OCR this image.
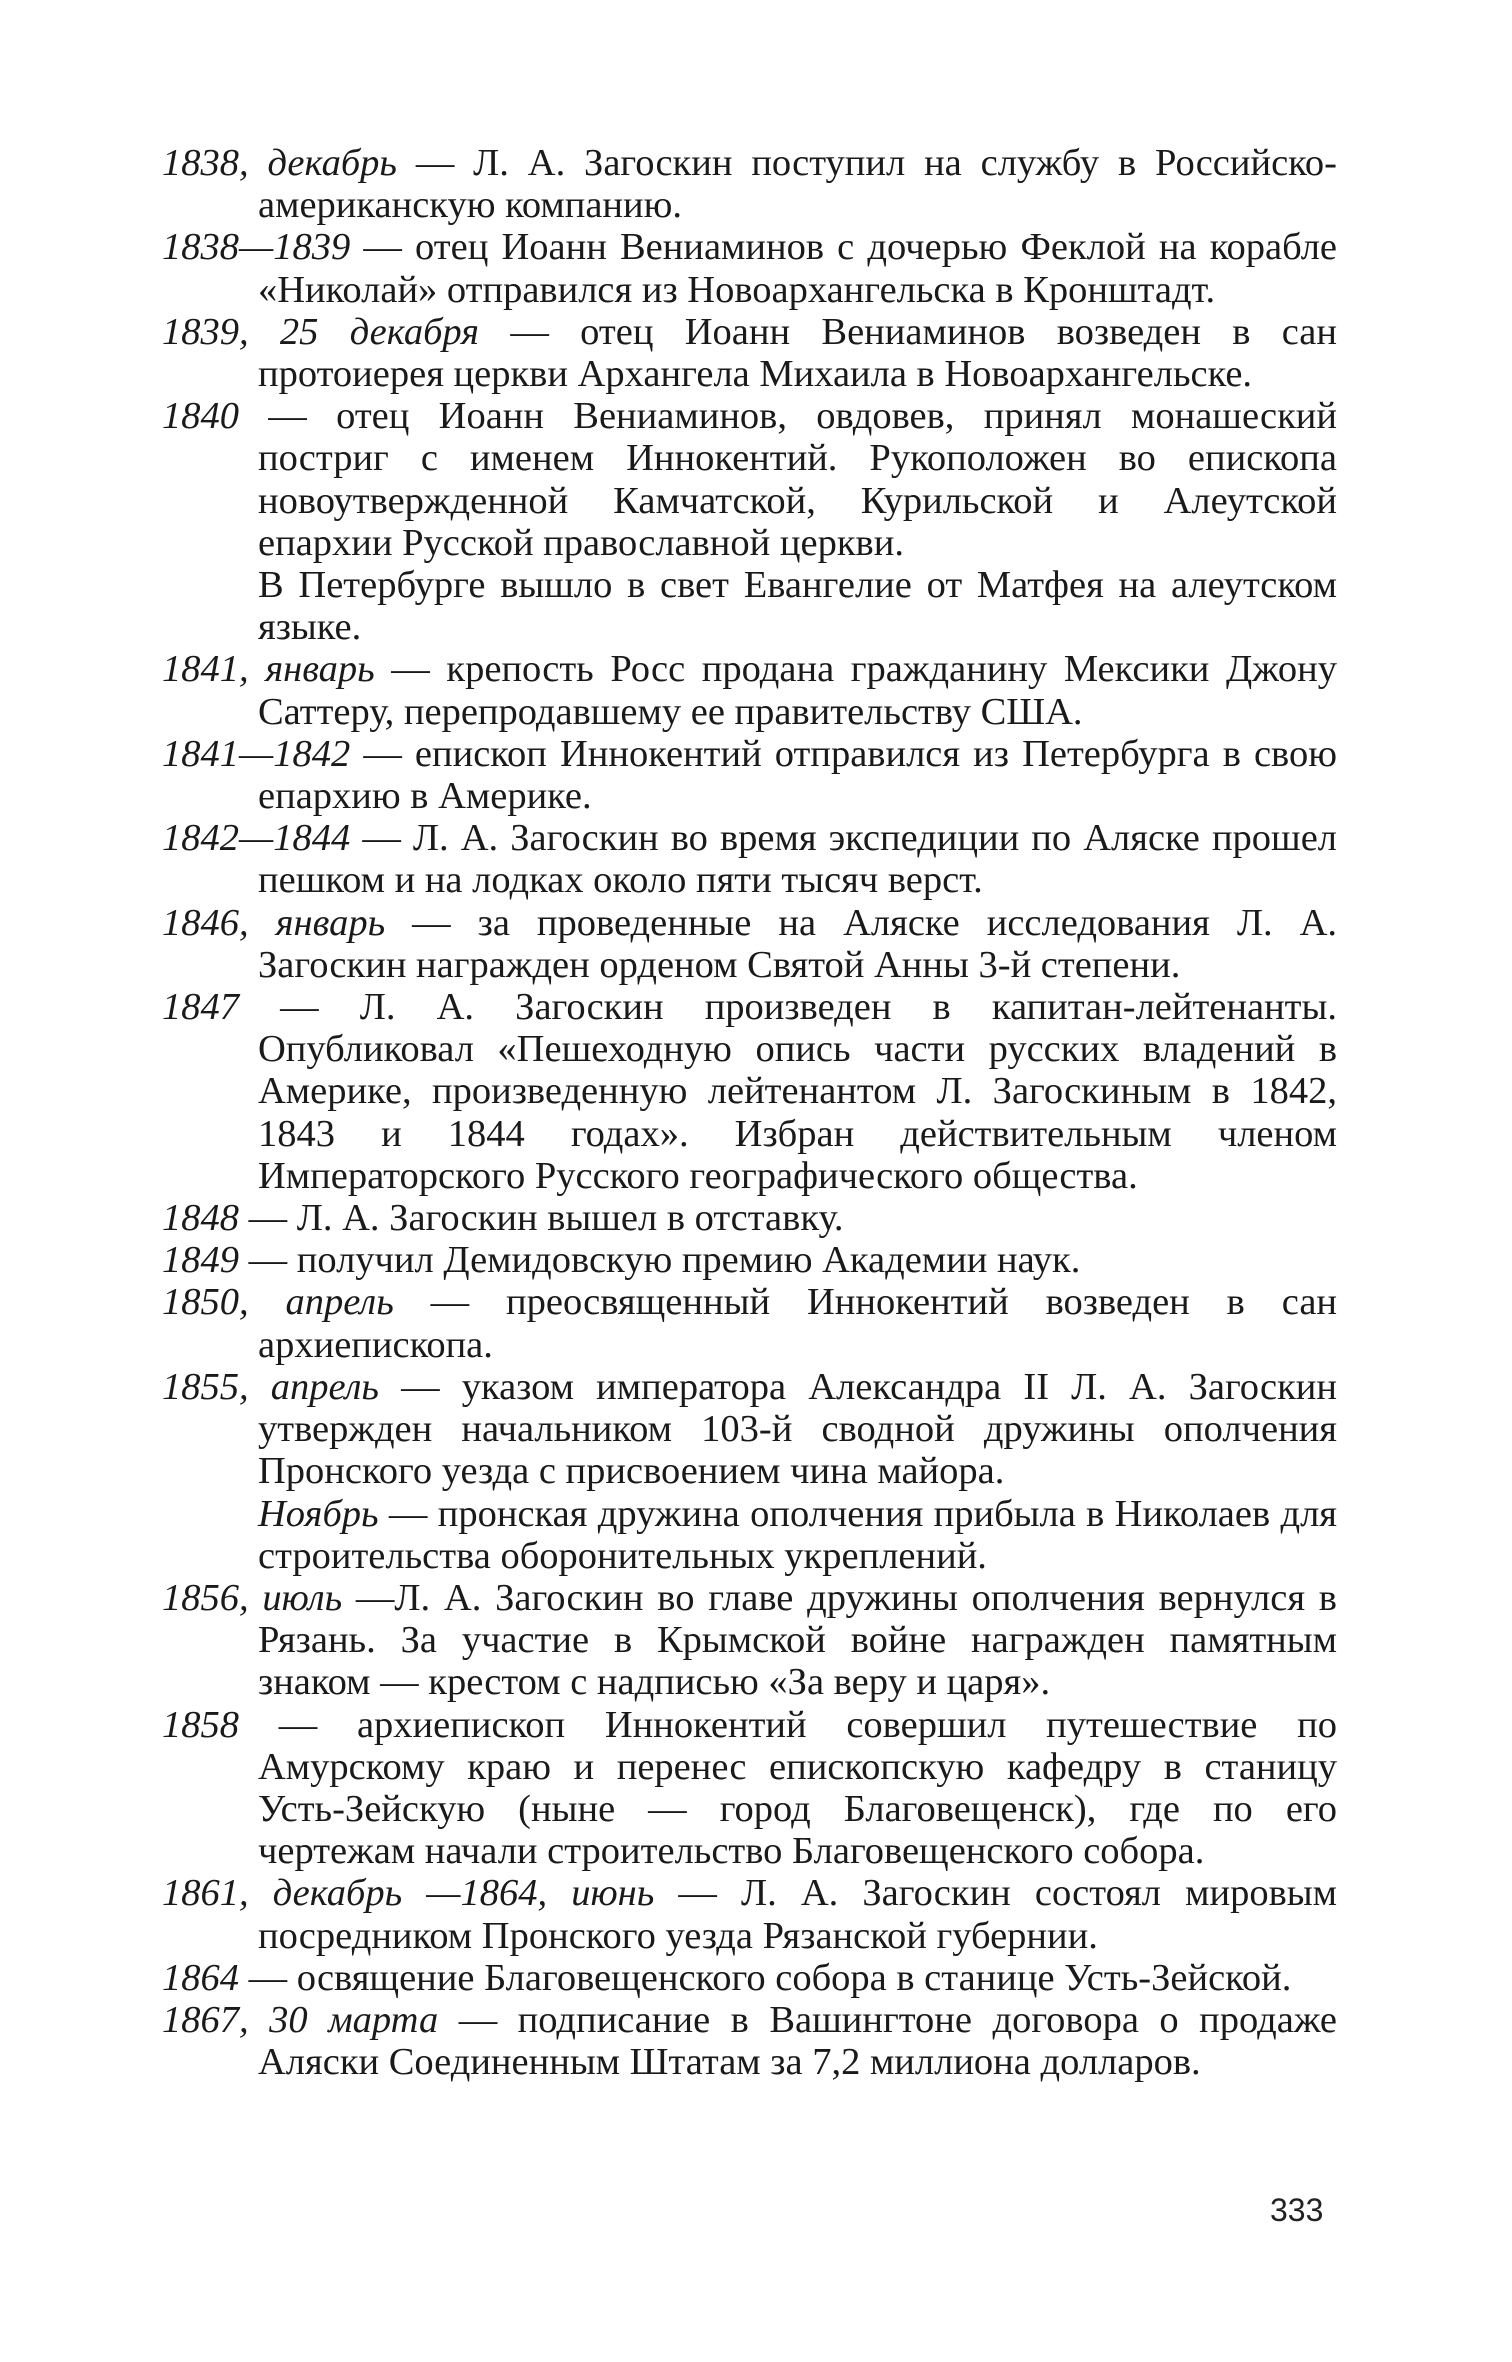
1838, декабрь — Л. А. Загоскин поступил на службу в Российско-американскую компанию.

1838—1839 — отец Иоанн Вениаминов с дочерью Феклой на корабле «Николай» отправился из Новоархангельска в Кронштадт.

1839, 25 декабря — отец Иоанн Вениаминов возведен в сан протоиерея церкви Архангела Михаила в Новоархангельске.

1840 — отец Иоанн Вениаминов, овдовев, принял монашеский постриг с именем Иннокентий. Рукоположен во епископа новоутвержденной Камчатской, Курильской и Алеутской епархии Русской православной церкви.

В Петербурге вышло в свет Евангелие от Матфея на алеутском языке.

1841, январь — крепость Росс продана гражданину Мексики Джону Саттеру, перепродавшему ее правительству США.

1841—1842 — епископ Иннокентий отправился из Петербурга в свою епархию в Америке.

1842—1844 — Л. А. Загоскин во время экспедиции по Аляске прошел пешком и на лодках около пяти тысяч верст.

1846, январь — за проведенные на Аляске исследования Л. А. Загоскин награжден орденом Святой Анны 3-й степени.

1847 — Л. А. Загоскин произведен в капитан-лейтенанты. Опубликовал «Пешеходную опись части русских владений в Америке, произведенную лейтенантом Л. Загоскиным в 1842, 1843 и 1844 годах». Избран действительным членом Императорского Русского географического общества.

1848 — Л. А. Загоскин вышел в отставку.

1849 — получил Демидовскую премию Академии наук.

1850, апрель — преосвященный Иннокентий возведен в сан архиепископа.

1855, апрель — указом императора Александра II Л. А. Загоскин утвержден начальником 103-й сводной дружины ополчения Пронского уезда с присвоением чина майора.

Ноябрь — пронская дружина ополчения прибыла в Николаев для строительства оборонительных укреплений.

1856, июль —Л. А. Загоскин во главе дружины ополчения вернулся в Рязань. За участие в Крымской войне награжден памятным знаком — крестом с надписью «За веру и царя».

1858 — архиепископ Иннокентий совершил путешествие по Амурскому краю и перенес епископскую кафедру в станицу Усть-Зейскую (ныне — город Благовещенск), где по его чертежам начали строительство Благовещенского собора.

1861, декабрь —1864, июнь — Л. А. Загоскин состоял мировым посредником Пронского уезда Рязанской губернии.

1864 — освящение Благовещенского собора в станице Усть-Зейской.

1867, 30 марта — подписание в Вашингтоне договора о продаже Аляски Соединенным Штатам за 7,2 миллиона долларов.

333
